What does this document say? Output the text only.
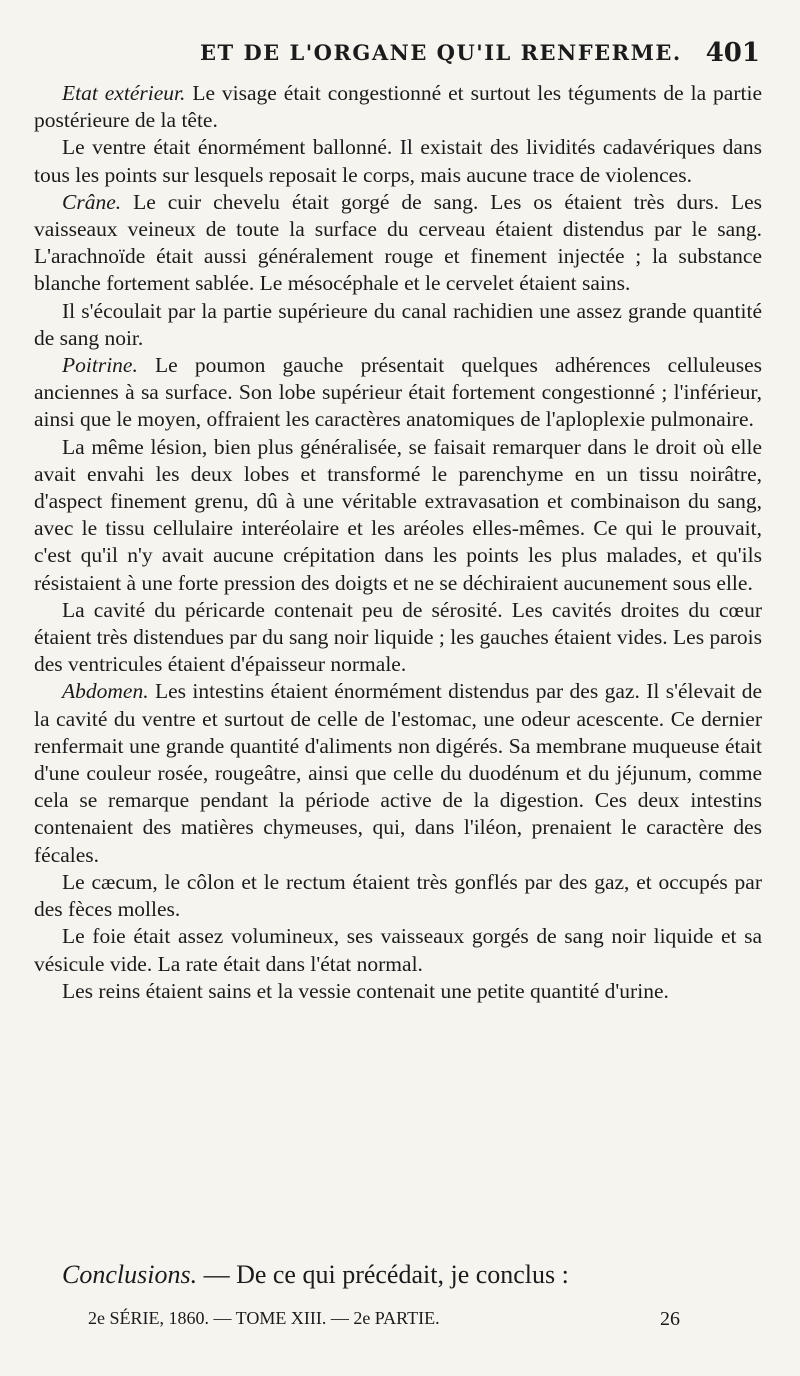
ET DE L'ORGANE QU'IL RENFERME. 401

Etat extérieur. Le visage était congestionné et surtout les téguments de la partie postérieure de la tête.

Le ventre était énormément ballonné. Il existait des lividités cadavériques dans tous les points sur lesquels reposait le corps, mais aucune trace de violences.

Crâne. Le cuir chevelu était gorgé de sang. Les os étaient très durs. Les vaisseaux veineux de toute la surface du cerveau étaient distendus par le sang. L'arachnoïde était aussi généralement rouge et finement injectée ; la substance blanche fortement sablée. Le mésocéphale et le cervelet étaient sains.

Il s'écoulait par la partie supérieure du canal rachidien une assez grande quantité de sang noir.

Poitrine. Le poumon gauche présentait quelques adhérences celluleuses anciennes à sa surface. Son lobe supérieur était fortement congestionné ; l'inférieur, ainsi que le moyen, offraient les caractères anatomiques de l'aploplexie pulmonaire.

La même lésion, bien plus généralisée, se faisait remarquer dans le droit où elle avait envahi les deux lobes et transformé le parenchyme en un tissu noirâtre, d'aspect finement grenu, dû à une véritable extravasation et combinaison du sang, avec le tissu cellulaire interéolaire et les aréoles elles-mêmes. Ce qui le prouvait, c'est qu'il n'y avait aucune crépitation dans les points les plus malades, et qu'ils résistaient à une forte pression des doigts et ne se déchiraient aucunement sous elle.

La cavité du péricarde contenait peu de sérosité. Les cavités droites du cœur étaient très distendues par du sang noir liquide ; les gauches étaient vides. Les parois des ventricules étaient d'épaisseur normale.

Abdomen. Les intestins étaient énormément distendus par des gaz. Il s'élevait de la cavité du ventre et surtout de celle de l'estomac, une odeur acescente. Ce dernier renfermait une grande quantité d'aliments non digérés. Sa membrane muqueuse était d'une couleur rosée, rougeâtre, ainsi que celle du duodénum et du jéjunum, comme cela se remarque pendant la période active de la digestion. Ces deux intestins contenaient des matières chymeuses, qui, dans l'iléon, prenaient le caractère des fécales.

Le cæcum, le côlon et le rectum étaient très gonflés par des gaz, et occupés par des fèces molles.

Le foie était assez volumineux, ses vaisseaux gorgés de sang noir liquide et sa vésicule vide. La rate était dans l'état normal.

Les reins étaient sains et la vessie contenait une petite quantité d'urine.

Conclusions. — De ce qui précédait, je conclus :
2e SÉRIE, 1860. — TOME XIII. — 2e PARTIE.	26
